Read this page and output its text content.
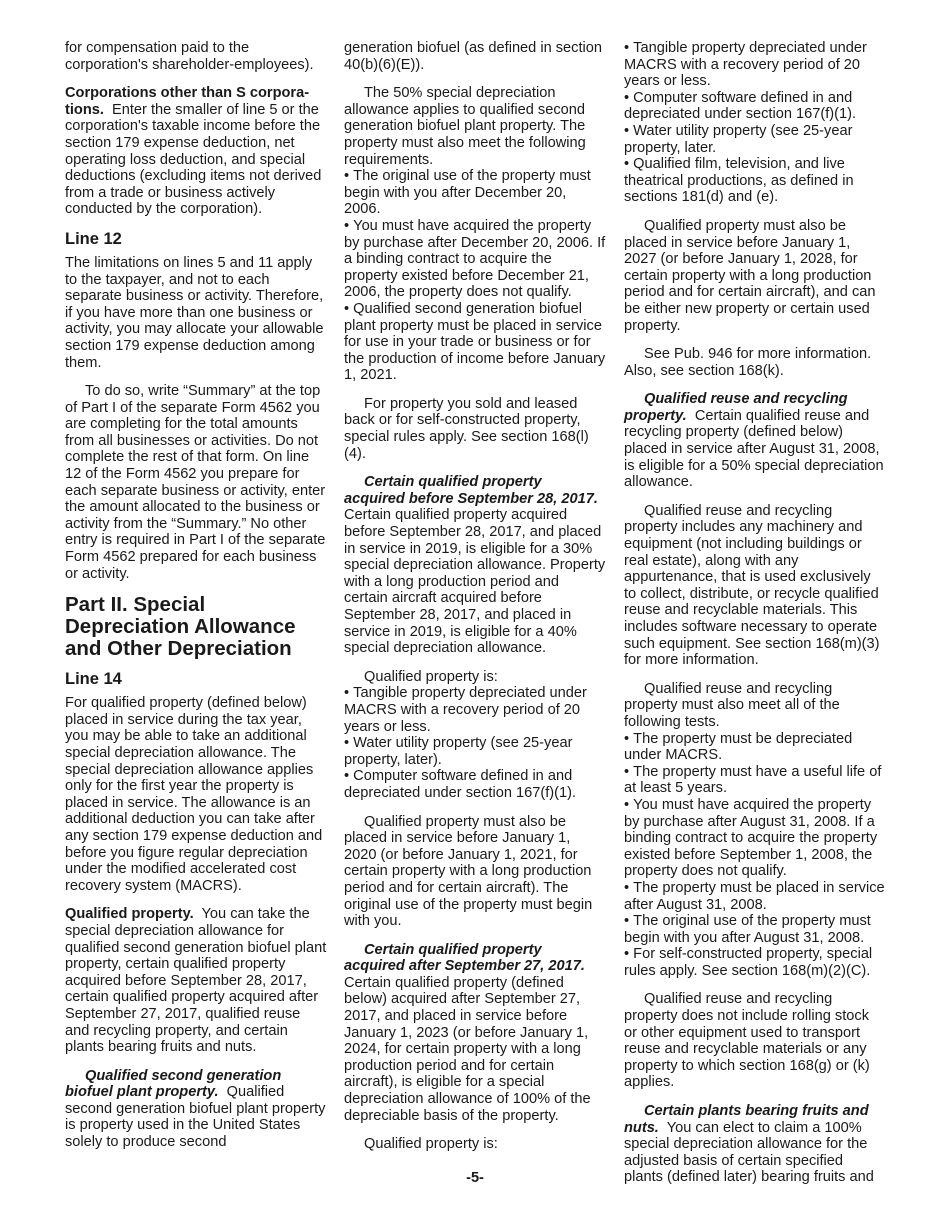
for compensation paid to the corporation's shareholder-employees).

Corporations other than S corpora-tions. Enter the smaller of line 5 or the corporation's taxable income before the section 179 expense deduction, net operating loss deduction, and special deductions (excluding items not derived from a trade or business actively conducted by the corporation).

Line 12

The limitations on lines 5 and 11 apply to the taxpayer, and not to each separate business or activity. Therefore, if you have more than one business or activity, you may allocate your allowable section 179 expense deduction among them.

To do so, write “Summary” at the top of Part I of the separate Form 4562 you are completing for the total amounts from all businesses or activities. Do not complete the rest of that form. On line 12 of the Form 4562 you prepare for each separate business or activity, enter the amount allocated to the business or activity from the “Summary.” No other entry is required in Part I of the separate Form 4562 prepared for each business or activity.

Part II. Special Depreciation Allowance and Other Depreciation
Line 14

For qualified property (defined below) placed in service during the tax year, you may be able to take an additional special depreciation allowance. The special depreciation allowance applies only for the first year the property is placed in service. The allowance is an additional deduction you can take after any section 179 expense deduction and before you figure regular depreciation under the modified accelerated cost recovery system (MACRS).

Qualified property. You can take the special depreciation allowance for qualified second generation biofuel plant property, certain qualified property acquired before September 28, 2017, certain qualified property acquired after September 27, 2017, qualified reuse and recycling property, and certain plants bearing fruits and nuts.

Qualified second generation biofuel plant property. Qualified second generation biofuel plant property is property used in the United States solely to produce second

generation biofuel (as defined in section 40(b)(6)(E)).

The 50% special depreciation allowance applies to qualified second generation biofuel plant property. The property must also meet the following requirements.

• The original use of the property must begin with you after December 20, 2006.
• You must have acquired the property by purchase after December 20, 2006. If a binding contract to acquire the property existed before December 21, 2006, the property does not qualify.
• Qualified second generation biofuel plant property must be placed in service for use in your trade or business or for the production of income before January 1, 2021.

For property you sold and leased back or for self-constructed property, special rules apply. See section 168(l)(4).

Certain qualified property acquired before September 28, 2017. Certain qualified property acquired before September 28, 2017, and placed in service in 2019, is eligible for a 30% special depreciation allowance. Property with a long production period and certain aircraft acquired before September 28, 2017, and placed in service in 2019, is eligible for a 40% special depreciation allowance.

Qualified property is:

• Tangible property depreciated under MACRS with a recovery period of 20 years or less.
• Water utility property (see 25-year property, later).
• Computer software defined in and depreciated under section 167(f)(1).

Qualified property must also be placed in service before January 1, 2020 (or before January 1, 2021, for certain property with a long production period and for certain aircraft). The original use of the property must begin with you.

Certain qualified property acquired after September 27, 2017. Certain qualified property (defined below) acquired after September 27, 2017, and placed in service before January 1, 2023 (or before January 1, 2024, for certain property with a long production period and for certain aircraft), is eligible for a special depreciation allowance of 100% of the depreciable basis of the property.

Qualified property is:

• Tangible property depreciated under MACRS with a recovery period of 20 years or less.
• Computer software defined in and depreciated under section 167(f)(1).
• Water utility property (see 25-year property, later.
• Qualified film, television, and live theatrical productions, as defined in sections 181(d) and (e).

Qualified property must also be placed in service before January 1, 2027 (or before January 1, 2028, for certain property with a long production period and for certain aircraft), and can be either new property or certain used property.

See Pub. 946 for more information. Also, see section 168(k).

Qualified reuse and recycling property. Certain qualified reuse and recycling property (defined below) placed in service after August 31, 2008, is eligible for a 50% special depreciation allowance.

Qualified reuse and recycling property includes any machinery and equipment (not including buildings or real estate), along with any appurtenance, that is used exclusively to collect, distribute, or recycle qualified reuse and recyclable materials. This includes software necessary to operate such equipment. See section 168(m)(3) for more information.

Qualified reuse and recycling property must also meet all of the following tests.

• The property must be depreciated under MACRS.
• The property must have a useful life of at least 5 years.
• You must have acquired the property by purchase after August 31, 2008. If a binding contract to acquire the property existed before September 1, 2008, the property does not qualify.
• The property must be placed in service after August 31, 2008.
• The original use of the property must begin with you after August 31, 2008.
• For self-constructed property, special rules apply. See section 168(m)(2)(C).

Qualified reuse and recycling property does not include rolling stock or other equipment used to transport reuse and recyclable materials or any property to which section 168(g) or (k) applies.

Certain plants bearing fruits and nuts. You can elect to claim a 100% special depreciation allowance for the adjusted basis of certain specified plants (defined later) bearing fruits and

-5-
